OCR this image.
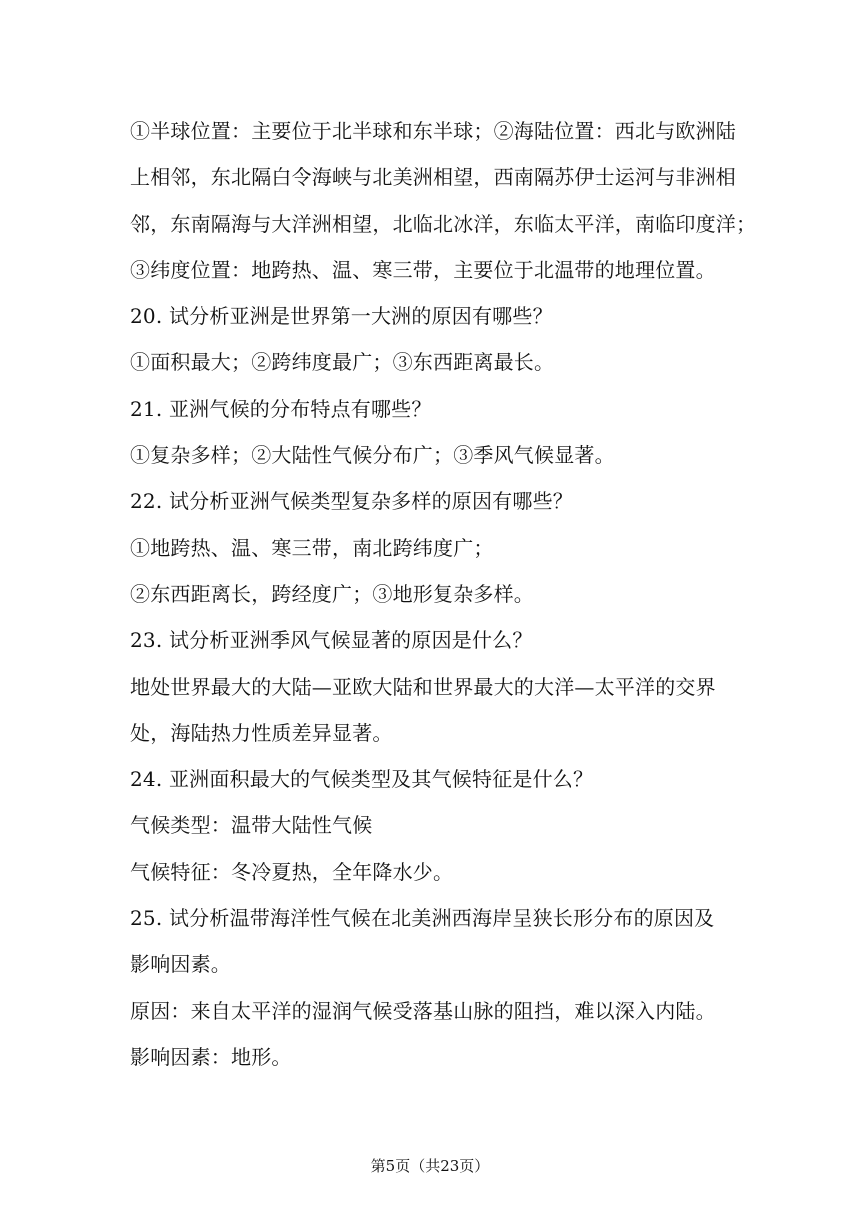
①半球位置：主要位于北半球和东半球；②海陆位置：西北与欧洲陆
上相邻，东北隔白令海峡与北美洲相望，西南隔苏伊士运河与非洲相
邻，东南隔海与大洋洲相望，北临北冰洋，东临太平洋，南临印度洋；
③纬度位置：地跨热、温、寒三带，主要位于北温带的地理位置。
20. 试分析亚洲是世界第一大洲的原因有哪些？
①面积最大；②跨纬度最广；③东西距离最长。
21. 亚洲气候的分布特点有哪些？
①复杂多样；②大陆性气候分布广；③季风气候显著。
22. 试分析亚洲气候类型复杂多样的原因有哪些？
①地跨热、温、寒三带，南北跨纬度广；
②东西距离长，跨经度广；③地形复杂多样。
23. 试分析亚洲季风气候显著的原因是什么？
地处世界最大的大陆—亚欧大陆和世界最大的大洋—太平洋的交界
处，海陆热力性质差异显著。
24. 亚洲面积最大的气候类型及其气候特征是什么？
气候类型：温带大陆性气候
气候特征：冬冷夏热，全年降水少。
25. 试分析温带海洋性气候在北美洲西海岸呈狭长形分布的原因及
影响因素。
原因：来自太平洋的湿润气候受落基山脉的阻挡，难以深入内陆。
影响因素：地形。
第5页（共23页）
